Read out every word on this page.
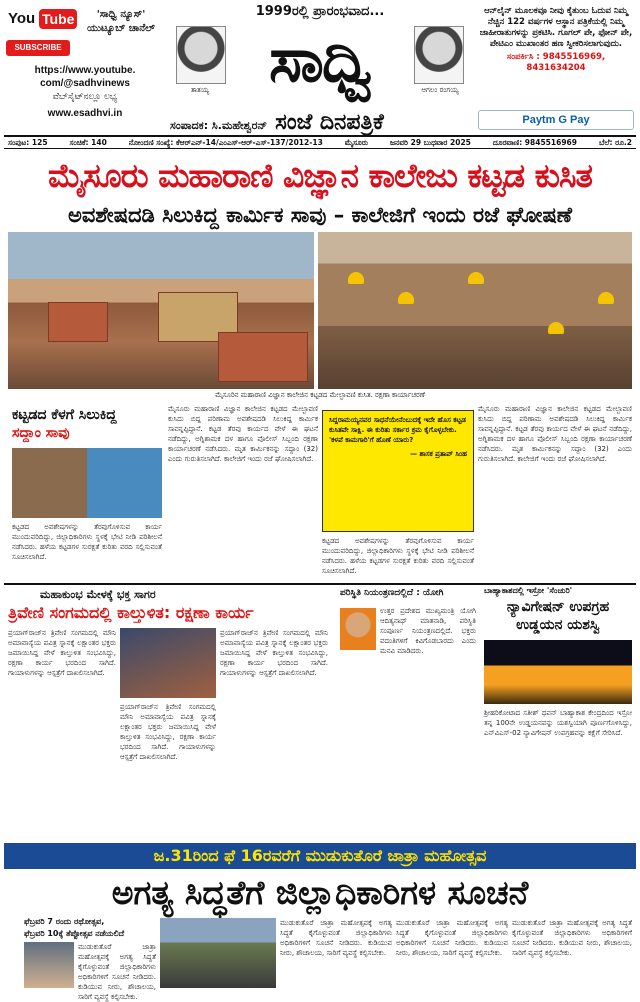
You Tube
SUBSCRIBE
'ಸಾಧ್ವಿ ನ್ಯೂಸ್' ಯುಟ್ಯೂಬ್ ಚಾನೆಲ್
https://www.youtube.
com/@sadhvinews
ವೆಬ್‌ಸೈಟ್‌ನಲ್ಲೂ ಲಭ್ಯ
www.esadhvi.in
1999ರಲ್ಲಿ ಪ್ರಾರಂಭವಾದ...
ತಾತಯ್ಯ ಸಾಧ್ವಿ	ಆಗಲಂ ರಂಗಯ್ಯ
ಸಂಪಾದಕ: ಸಿ.ಮಹೇಶ್ವರನ್ ಸಂಜೆ ದಿನಪತ್ರಿಕೆ
ಆನ್‌ಲೈನ್ ಮೂಲಕವೂ ನೀವು ಕೈತುಂಬ ಓದುವ ನಿಮ್ಮ ನೆಚ್ಚಿನ 122 ವರ್ಷಗಳ ಆಸ್ಥಾನ ಪತ್ರಿಕೆಯಲ್ಲಿ ನಿಮ್ಮ ಜಾಹೀರಾತುಗಳನ್ನು ಪ್ರಕಟಿಸಿ. ಗೂಗಲ್ ಪೇ, ಫೋನ್ ಪೇ, ಪೇಟಿಎಂ ಮುಖಾಂತರ ಹಣ ಸ್ವೀಕರಿಸಲಾಗುವುದು.
ಸಂಪರ್ಕಿಸಿ : 9845516969, 8431634204
Paytm G Pay
ಸಂಪುಟ: 125	ಸಂಚಿಕೆ: 140	ನೋಂದಣಿ ಸಂಖ್ಯೆ: ಕೆಆರ್‌ಎನ್-14/ಎಂಎಸ್-ಆರ್-ಎಸ್‌-137/2012-13	ಮೈಸೂರು	ಜನವರಿ 29 ಬುಧವಾರ 2025	ದೂರವಾಣಿ: 9845516969	ಬೆಲೆ: ರೂ.2
ಮೈಸೂರು ಮಹಾರಾಣಿ ವಿಜ್ಞಾನ ಕಾಲೇಜು ಕಟ್ಟಡ ಕುಸಿತ
ಅವಶೇಷದಡಿ ಸಿಲುಕಿದ್ದ ಕಾರ್ಮಿಕ ಸಾವು – ಕಾಲೇಜಿಗೆ ಇಂದು ರಜೆ ಘೋಷಣೆ
ಮೈಸೂರಿನ ಮಹಾರಾಣಿ ವಿಜ್ಞಾನ ಕಾಲೇಜಿನ ಕಟ್ಟಡದ ಮೇಲ್ಛಾವಣಿ ಕುಸಿತ. ರಕ್ಷಣಾ ಕಾರ್ಯಾಚರಣೆ
ಕಟ್ಟಡದ ಕೆಳಗೆ ಸಿಲುಕಿದ್ದ
ಸದ್ದಾಂ ಸಾವು
ಕಟ್ಟಡದ ಅವಶೇಷಗಳನ್ನು ತೆರವುಗೊಳಿಸುವ ಕಾರ್ಯ ಮುಂದುವರಿದಿದ್ದು, ಜಿಲ್ಲಾಧಿಕಾರಿಗಳು ಸ್ಥಳಕ್ಕೆ ಭೇಟಿ ನೀಡಿ ಪರಿಶೀಲನೆ ನಡೆಸಿದರು. ಹಳೆಯ ಕಟ್ಟಡಗಳ ಸುರಕ್ಷತೆ ಕುರಿತು ವರದಿ ಸಲ್ಲಿಸುವಂತೆ ಸೂಚಿಸಲಾಗಿದೆ.
ಮೈಸೂರು ಮಹಾರಾಣಿ ವಿಜ್ಞಾನ ಕಾಲೇಜಿನ ಕಟ್ಟಡದ ಮೇಲ್ಛಾವಣಿ ಕುಸಿದು ಬಿದ್ದ ಪರಿಣಾಮ ಅವಶೇಷದಡಿ ಸಿಲುಕಿದ್ದ ಕಾರ್ಮಿಕ ಸಾವನ್ನಪ್ಪಿದ್ದಾನೆ. ಕಟ್ಟಡ ತೆರವು ಕಾರ್ಯದ ವೇಳೆ ಈ ಘಟನೆ ನಡೆದಿದ್ದು, ಅಗ್ನಿಶಾಮಕ ದಳ ಹಾಗೂ ಪೊಲೀಸ್ ಸಿಬ್ಬಂದಿ ರಕ್ಷಣಾ ಕಾರ್ಯಾಚರಣೆ ನಡೆಸಿದರು. ಮೃತ ಕಾರ್ಮಿಕನನ್ನು ಸದ್ದಾಂ (32) ಎಂದು ಗುರುತಿಸಲಾಗಿದೆ. ಕಾಲೇಜಿಗೆ ಇಂದು ರಜೆ ಘೋಷಿಸಲಾಗಿದೆ.
ಸಿದ್ದರಾಮಯ್ಯನವರ ಸಾಧನೆಯೇನೆಂಬುದಕ್ಕೆ ಇದೇ ಹೊಸ ಕಟ್ಟಡ ಕುಸಿತವೇ ಸಾಕ್ಷಿ. ಈ ಕುರಿತು ಸರ್ಕಾರ ಕ್ರಮ ಕೈಗೊಳ್ಳಬೇಕು. 'ಕಳಪೆ ಕಾಮಗಾರಿ'ಗೆ ಹೊಣೆ ಯಾರು?
— ಶಾಸಕ ಪ್ರತಾಪ್ ಸಿಂಹ
ಕಟ್ಟಡದ ಅವಶೇಷಗಳನ್ನು ತೆರವುಗೊಳಿಸುವ ಕಾರ್ಯ ಮುಂದುವರಿದಿದ್ದು, ಜಿಲ್ಲಾಧಿಕಾರಿಗಳು ಸ್ಥಳಕ್ಕೆ ಭೇಟಿ ನೀಡಿ ಪರಿಶೀಲನೆ ನಡೆಸಿದರು. ಹಳೆಯ ಕಟ್ಟಡಗಳ ಸುರಕ್ಷತೆ ಕುರಿತು ವರದಿ ಸಲ್ಲಿಸುವಂತೆ ಸೂಚಿಸಲಾಗಿದೆ.
ಮೈಸೂರು ಮಹಾರಾಣಿ ವಿಜ್ಞಾನ ಕಾಲೇಜಿನ ಕಟ್ಟಡದ ಮೇಲ್ಛಾವಣಿ ಕುಸಿದು ಬಿದ್ದ ಪರಿಣಾಮ ಅವಶೇಷದಡಿ ಸಿಲುಕಿದ್ದ ಕಾರ್ಮಿಕ ಸಾವನ್ನಪ್ಪಿದ್ದಾನೆ. ಕಟ್ಟಡ ತೆರವು ಕಾರ್ಯದ ವೇಳೆ ಈ ಘಟನೆ ನಡೆದಿದ್ದು, ಅಗ್ನಿಶಾಮಕ ದಳ ಹಾಗೂ ಪೊಲೀಸ್ ಸಿಬ್ಬಂದಿ ರಕ್ಷಣಾ ಕಾರ್ಯಾಚರಣೆ ನಡೆಸಿದರು. ಮೃತ ಕಾರ್ಮಿಕನನ್ನು ಸದ್ದಾಂ (32) ಎಂದು ಗುರುತಿಸಲಾಗಿದೆ. ಕಾಲೇಜಿಗೆ ಇಂದು ರಜೆ ಘೋಷಿಸಲಾಗಿದೆ.
ಮಹಾಕುಂಭ ಮೇಳಕ್ಕೆ ಭಕ್ತ ಸಾಗರ
ತ್ರಿವೇಣಿ ಸಂಗಮದಲ್ಲಿ ಕಾಲ್ತುಳಿತ: ರಕ್ಷಣಾ ಕಾರ್ಯ
ಪ್ರಯಾಗ್‌ರಾಜ್‌ನ ತ್ರಿವೇಣಿ ಸಂಗಮದಲ್ಲಿ ಮೌನಿ ಅಮಾವಾಸ್ಯೆಯ ಪವಿತ್ರ ಸ್ನಾನಕ್ಕೆ ಲಕ್ಷಾಂತರ ಭಕ್ತರು ಜಮಾಯಿಸಿದ್ದ ವೇಳೆ ಕಾಲ್ತುಳಿತ ಸಂಭವಿಸಿದ್ದು, ರಕ್ಷಣಾ ಕಾರ್ಯ ಭರದಿಂದ ಸಾಗಿದೆ. ಗಾಯಾಳುಗಳನ್ನು ಆಸ್ಪತ್ರೆಗೆ ದಾಖಲಿಸಲಾಗಿದೆ.
ಪ್ರಯಾಗ್‌ರಾಜ್‌ನ ತ್ರಿವೇಣಿ ಸಂಗಮದಲ್ಲಿ ಮೌನಿ ಅಮಾವಾಸ್ಯೆಯ ಪವಿತ್ರ ಸ್ನಾನಕ್ಕೆ ಲಕ್ಷಾಂತರ ಭಕ್ತರು ಜಮಾಯಿಸಿದ್ದ ವೇಳೆ ಕಾಲ್ತುಳಿತ ಸಂಭವಿಸಿದ್ದು, ರಕ್ಷಣಾ ಕಾರ್ಯ ಭರದಿಂದ ಸಾಗಿದೆ. ಗಾಯಾಳುಗಳನ್ನು ಆಸ್ಪತ್ರೆಗೆ ದಾಖಲಿಸಲಾಗಿದೆ.
ಪ್ರಯಾಗ್‌ರಾಜ್‌ನ ತ್ರಿವೇಣಿ ಸಂಗಮದಲ್ಲಿ ಮೌನಿ ಅಮಾವಾಸ್ಯೆಯ ಪವಿತ್ರ ಸ್ನಾನಕ್ಕೆ ಲಕ್ಷಾಂತರ ಭಕ್ತರು ಜಮಾಯಿಸಿದ್ದ ವೇಳೆ ಕಾಲ್ತುಳಿತ ಸಂಭವಿಸಿದ್ದು, ರಕ್ಷಣಾ ಕಾರ್ಯ ಭರದಿಂದ ಸಾಗಿದೆ. ಗಾಯಾಳುಗಳನ್ನು ಆಸ್ಪತ್ರೆಗೆ ದಾಖಲಿಸಲಾಗಿದೆ.
ಪರಿಸ್ಥಿತಿ ನಿಯಂತ್ರಣದಲ್ಲಿದೆ : ಯೋಗಿ
ಉತ್ತರ ಪ್ರದೇಶದ ಮುಖ್ಯಮಂತ್ರಿ ಯೋಗಿ ಆದಿತ್ಯನಾಥ್ ಮಾತನಾಡಿ, ಪರಿಸ್ಥಿತಿ ಸಂಪೂರ್ಣ ನಿಯಂತ್ರಣದಲ್ಲಿದೆ. ಭಕ್ತರು ವದಂತಿಗಳಿಗೆ ಕಿವಿಗೊಡಬಾರದು ಎಂದು ಮನವಿ ಮಾಡಿದರು.
ಬಾಹ್ಯಾಕಾಶದಲ್ಲಿ ಇಸ್ರೋ 'ಸೆಂಚುರಿ'
ನ್ಯಾವಿಗೇಷನ್ ಉಪಗ್ರಹ ಉಡ್ಡಯನ ಯಶಸ್ವಿ
ಶ್ರೀಹರಿಕೋಟಾದ ಸತೀಶ್ ಧವನ್ ಬಾಹ್ಯಾಕಾಶ ಕೇಂದ್ರದಿಂದ ಇಸ್ರೋ ತನ್ನ 100ನೇ ಉಡ್ಡಯನವನ್ನು ಯಶಸ್ವಿಯಾಗಿ ಪೂರ್ಣಗೊಳಿಸಿದ್ದು, ಎನ್‌ವಿಎಸ್-02 ನ್ಯಾವಿಗೇಷನ್ ಉಪಗ್ರಹವನ್ನು ಕಕ್ಷೆಗೆ ಸೇರಿಸಿದೆ.
ಜ.31ರಿಂದ ಫೆ 16ರವರೆಗೆ ಮುಡುಕುತೊರೆ ಜಾತ್ರಾ ಮಹೋತ್ಸವ
ಅಗತ್ಯ ಸಿದ್ಧತೆಗೆ ಜಿಲ್ಲಾಧಿಕಾರಿಗಳ ಸೂಚನೆ
ಫೆಬ್ರವರಿ 7 ರಂದು ರಥೋತ್ಸವ,
ಫೆಬ್ರವರಿ 10ಕ್ಕೆ ತೆಪ್ಪೋತ್ಸವ ನಡೆಯಲಿದೆ
ಮುಡುಕುತೊರೆ ಜಾತ್ರಾ ಮಹೋತ್ಸವಕ್ಕೆ ಅಗತ್ಯ ಸಿದ್ಧತೆ ಕೈಗೊಳ್ಳುವಂತೆ ಜಿಲ್ಲಾಧಿಕಾರಿಗಳು ಅಧಿಕಾರಿಗಳಿಗೆ ಸೂಚನೆ ನೀಡಿದರು. ಕುಡಿಯುವ ನೀರು, ಶೌಚಾಲಯ, ಸಾರಿಗೆ ವ್ಯವಸ್ಥೆ ಕಲ್ಪಿಸಬೇಕು.
ಮುಡುಕುತೊರೆ ಜಾತ್ರಾ ಮಹೋತ್ಸವಕ್ಕೆ ಅಗತ್ಯ ಸಿದ್ಧತೆ ಕೈಗೊಳ್ಳುವಂತೆ ಜಿಲ್ಲಾಧಿಕಾರಿಗಳು ಅಧಿಕಾರಿಗಳಿಗೆ ಸೂಚನೆ ನೀಡಿದರು. ಕುಡಿಯುವ ನೀರು, ಶೌಚಾಲಯ, ಸಾರಿಗೆ ವ್ಯವಸ್ಥೆ ಕಲ್ಪಿಸಬೇಕು.
ಮುಡುಕುತೊರೆ ಜಾತ್ರಾ ಮಹೋತ್ಸವಕ್ಕೆ ಅಗತ್ಯ ಸಿದ್ಧತೆ ಕೈಗೊಳ್ಳುವಂತೆ ಜಿಲ್ಲಾಧಿಕಾರಿಗಳು ಅಧಿಕಾರಿಗಳಿಗೆ ಸೂಚನೆ ನೀಡಿದರು. ಕುಡಿಯುವ ನೀರು, ಶೌಚಾಲಯ, ಸಾರಿಗೆ ವ್ಯವಸ್ಥೆ ಕಲ್ಪಿಸಬೇಕು.
ಮುಡುಕುತೊರೆ ಜಾತ್ರಾ ಮಹೋತ್ಸವಕ್ಕೆ ಅಗತ್ಯ ಸಿದ್ಧತೆ ಕೈಗೊಳ್ಳುವಂತೆ ಜಿಲ್ಲಾಧಿಕಾರಿಗಳು ಅಧಿಕಾರಿಗಳಿಗೆ ಸೂಚನೆ ನೀಡಿದರು. ಕುಡಿಯುವ ನೀರು, ಶೌಚಾಲಯ, ಸಾರಿಗೆ ವ್ಯವಸ್ಥೆ ಕಲ್ಪಿಸಬೇಕು.
